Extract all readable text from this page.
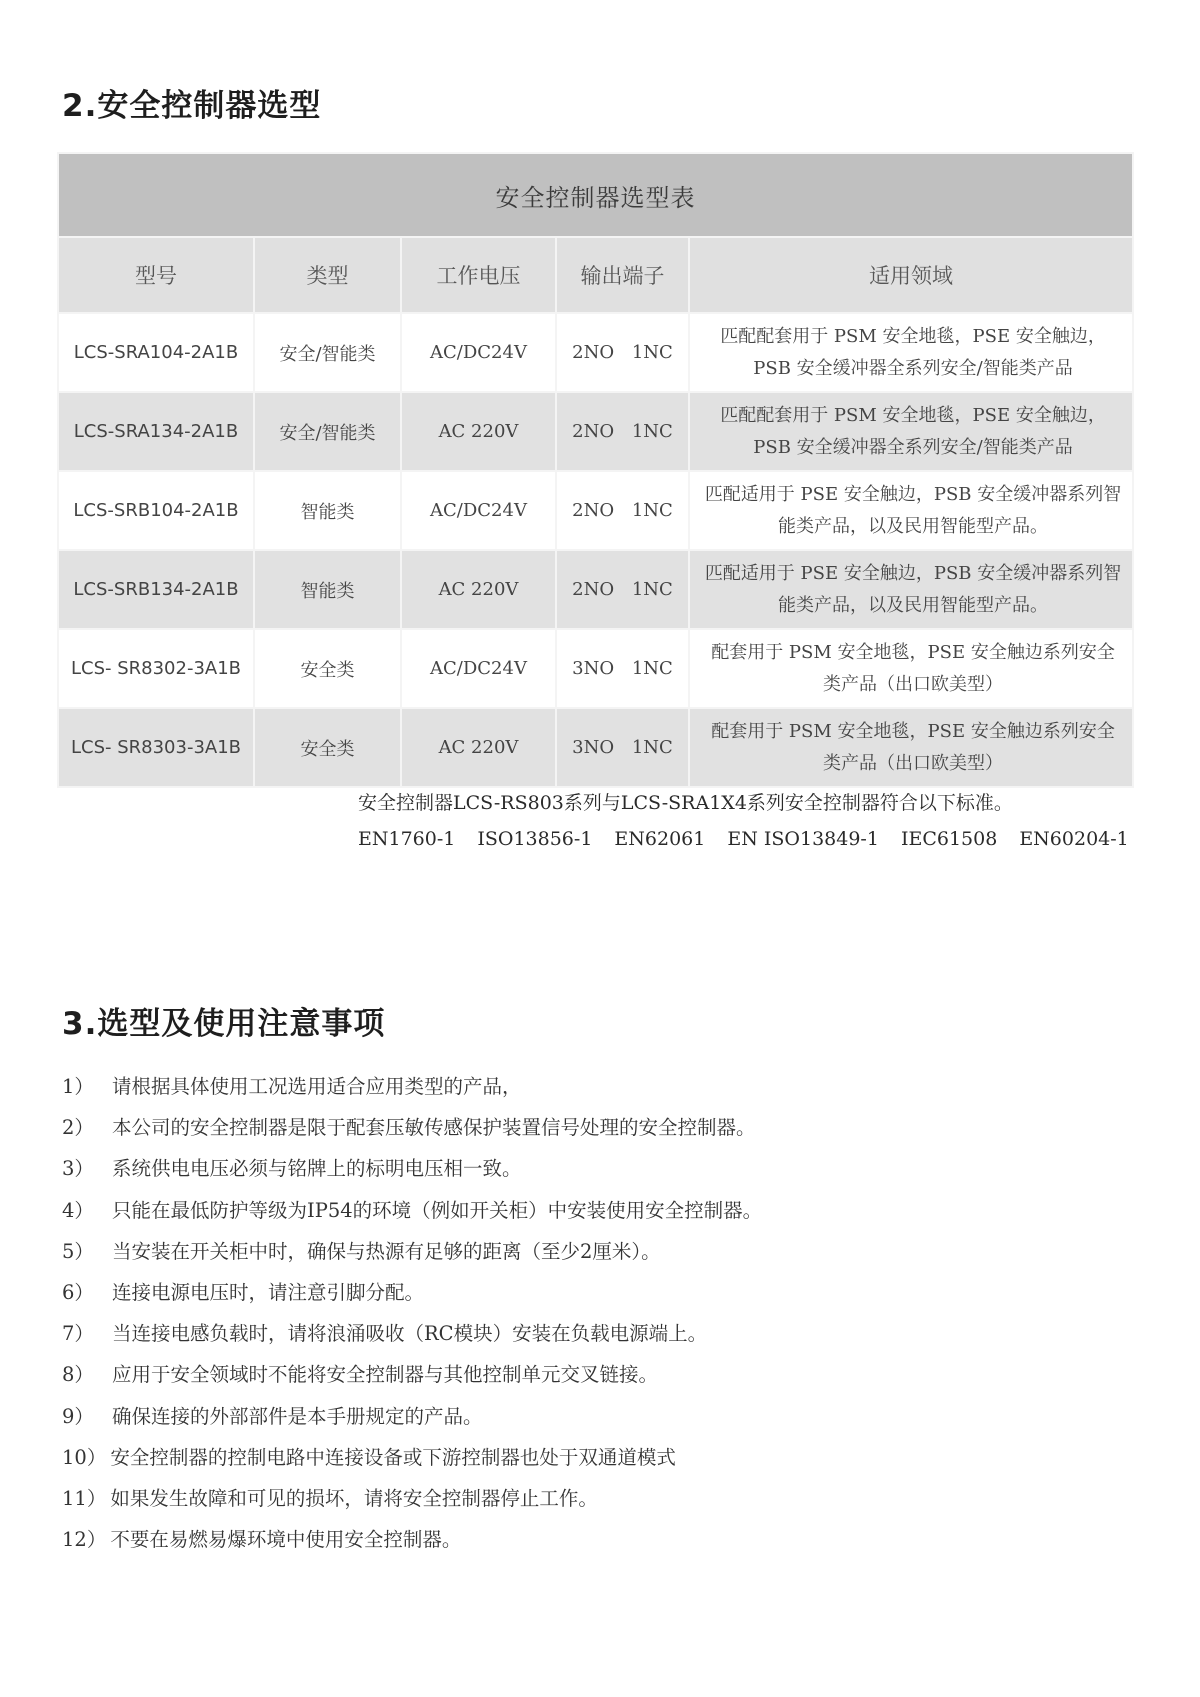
2.安全控制器选型
安全控制器选型表				
型号	类型	工作电压	输出端子	适用领域
LCS-SRA104-2A1B	安全/智能类	AC/DC24V	2NO 1NC	匹配配套用于 PSM 安全地毯，PSE 安全触边，PSB 安全缓冲器全系列安全/智能类产品
LCS-SRA134-2A1B	安全/智能类	AC 220V	2NO 1NC	匹配配套用于 PSM 安全地毯，PSE 安全触边，PSB 安全缓冲器全系列安全/智能类产品
LCS-SRB104-2A1B	智能类	AC/DC24V	2NO 1NC	匹配适用于 PSE 安全触边，PSB 安全缓冲器系列智能类产品，以及民用智能型产品。
LCS-SRB134-2A1B	智能类	AC 220V	2NO 1NC	匹配适用于 PSE 安全触边，PSB 安全缓冲器系列智能类产品，以及民用智能型产品。
LCS- SR8302-3A1B	安全类	AC/DC24V	3NO 1NC	配套用于 PSM 安全地毯，PSE 安全触边系列安全类产品（出口欧美型）
LCS- SR8303-3A1B	安全类	AC 220V	3NO 1NC	配套用于 PSM 安全地毯，PSE 安全触边系列安全类产品（出口欧美型）
安全控制器LCS-RS803系列与LCS-SRA1X4系列安全控制器符合以下标准。
EN1760-1 ISO13856-1 EN62061 EN ISO13849-1 IEC61508 EN60204-1
3.选型及使用注意事项
1） 请根据具体使用工况选用适合应用类型的产品，
2） 本公司的安全控制器是限于配套压敏传感保护装置信号处理的安全控制器。
3） 系统供电电压必须与铭牌上的标明电压相一致。
4） 只能在最低防护等级为IP54的环境（例如开关柜）中安装使用安全控制器。
5） 当安装在开关柜中时，确保与热源有足够的距离（至少2厘米）。
6） 连接电源电压时，请注意引脚分配。
7） 当连接电感负载时，请将浪涌吸收（RC模块）安装在负载电源端上。
8） 应用于安全领域时不能将安全控制器与其他控制单元交叉链接。
9） 确保连接的外部部件是本手册规定的产品。
10） 安全控制器的控制电路中连接设备或下游控制器也处于双通道模式
11） 如果发生故障和可见的损坏，请将安全控制器停止工作。
12） 不要在易燃易爆环境中使用安全控制器。
